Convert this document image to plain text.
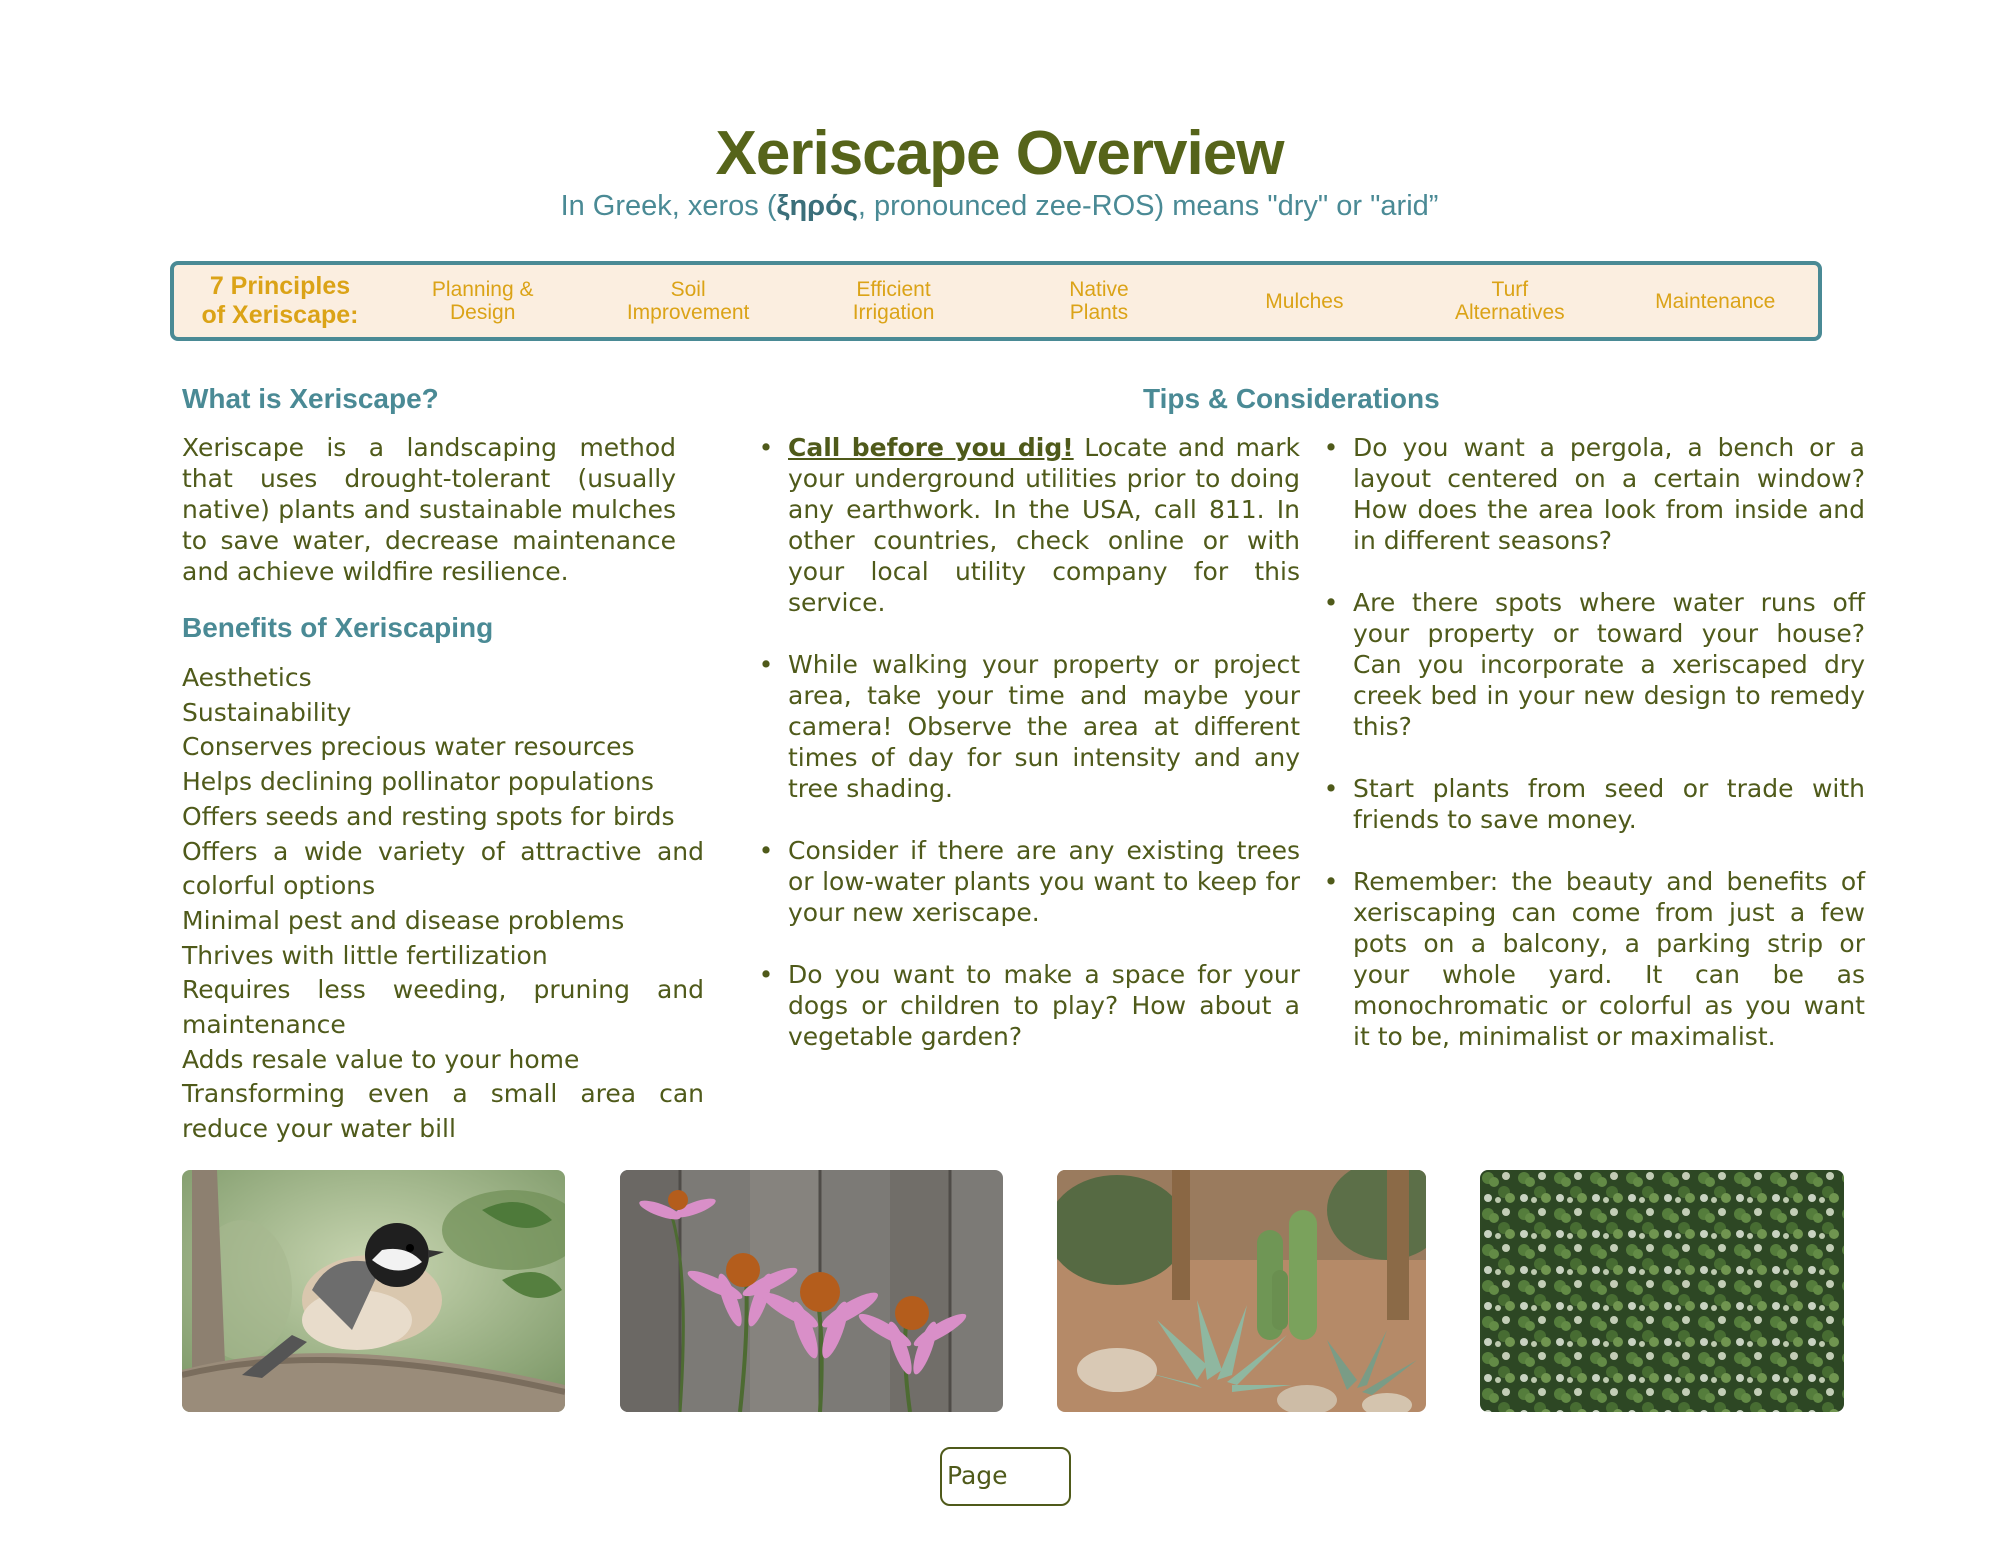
Xeriscape Overview
In Greek, xeros (ξηρός, pronounced zee-ROS) means "dry" or "arid”
7 Principles
of Xeriscape:
Planning &
Design
Soil
Improvement
Efficient
Irrigation
Native
Plants	Mulches	Turf
Alternatives	Maintenance
What is Xeriscape?

Xeriscape is a landscaping method that uses drought-tolerant (usually native) plants and sustainable mulches to save water, decrease maintenance and achieve wildfire resilience.

Benefits of Xeriscaping
Aesthetics
Sustainability
Conserves precious water resources
Helps declining pollinator populations
Offers seeds and resting spots for birds
Offers a wide variety of attractive and colorful options
Minimal pest and disease problems
Thrives with little fertilization
Requires less weeding, pruning and maintenance
Adds resale value to your home
Transforming even a small area can reduce your water bill
Tips & Considerations
• Call before you dig! Locate and mark your underground utilities prior to doing any earthwork. In the USA, call 811. In other countries, check online or with your local utility company for this service.
• While walking your property or project area, take your time and maybe your camera! Observe the area at different times of day for sun intensity and any tree shading.
• Consider if there are any existing trees or low-water plants you want to keep for your new xeriscape.
• Do you want to make a space for your dogs or children to play? How about a vegetable garden?
• Do you want a pergola, a bench or a layout centered on a certain window? How does the area look from inside and in different seasons?
• Are there spots where water runs off your property or toward your house? Can you incorporate a xeriscaped dry creek bed in your new design to remedy this?
• Start plants from seed or trade with friends to save money.
• Remember: the beauty and benefits of xeriscaping can come from just a few pots on a balcony, a parking strip or your whole yard. It can be as monochromatic or colorful as you want it to be, minimalist or maximalist.
Page
